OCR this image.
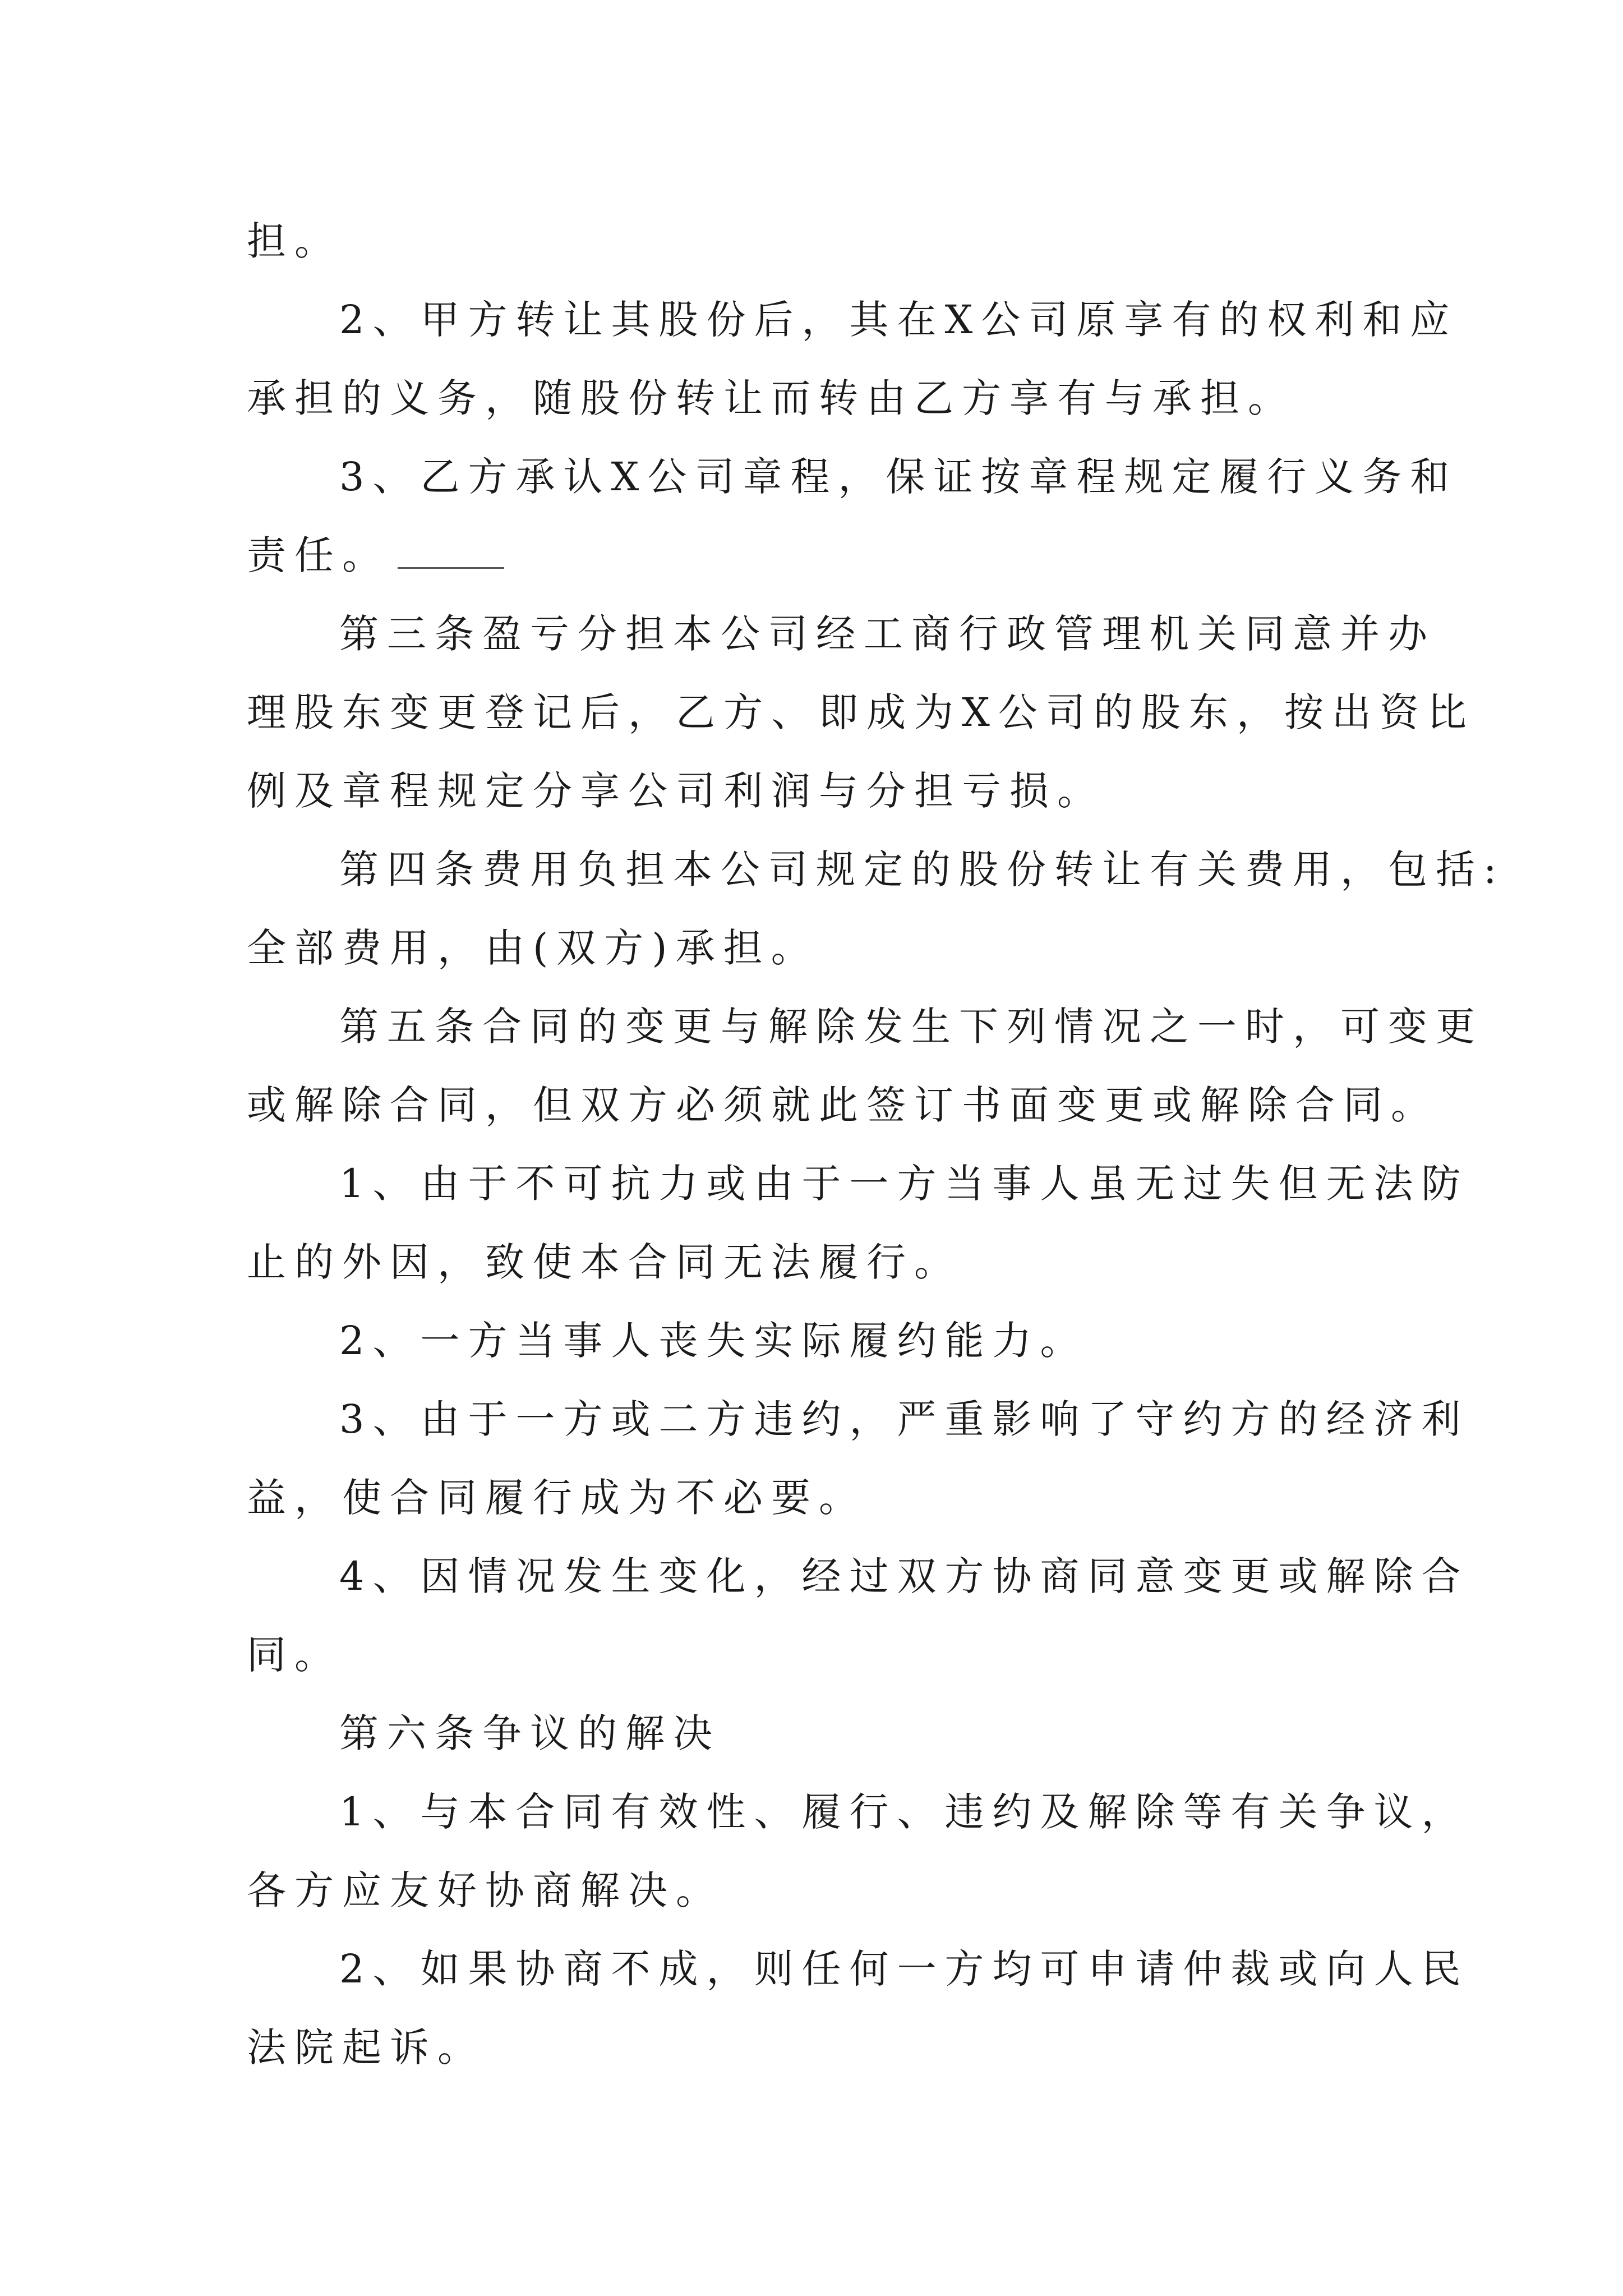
担。

2、甲方转让其股份后，其在X公司原享有的权利和应

承担的义务，随股份转让而转由乙方享有与承担。

3、乙方承认X公司章程，保证按章程规定履行义务和

责任。

第三条盈亏分担本公司经工商行政管理机关同意并办

理股东变更登记后，乙方、即成为X公司的股东，按出资比

例及章程规定分享公司利润与分担亏损。

第四条费用负担本公司规定的股份转让有关费用，包括:

全部费用，由(双方)承担。

第五条合同的变更与解除发生下列情况之一时，可变更

或解除合同，但双方必须就此签订书面变更或解除合同。

1、由于不可抗力或由于一方当事人虽无过失但无法防

止的外因，致使本合同无法履行。

2、一方当事人丧失实际履约能力。

3、由于一方或二方违约，严重影响了守约方的经济利

益，使合同履行成为不必要。

4、因情况发生变化，经过双方协商同意变更或解除合

同。

第六条争议的解决

1、与本合同有效性、履行、违约及解除等有关争议，

各方应友好协商解决。

2、如果协商不成，则任何一方均可申请仲裁或向人民

法院起诉。
